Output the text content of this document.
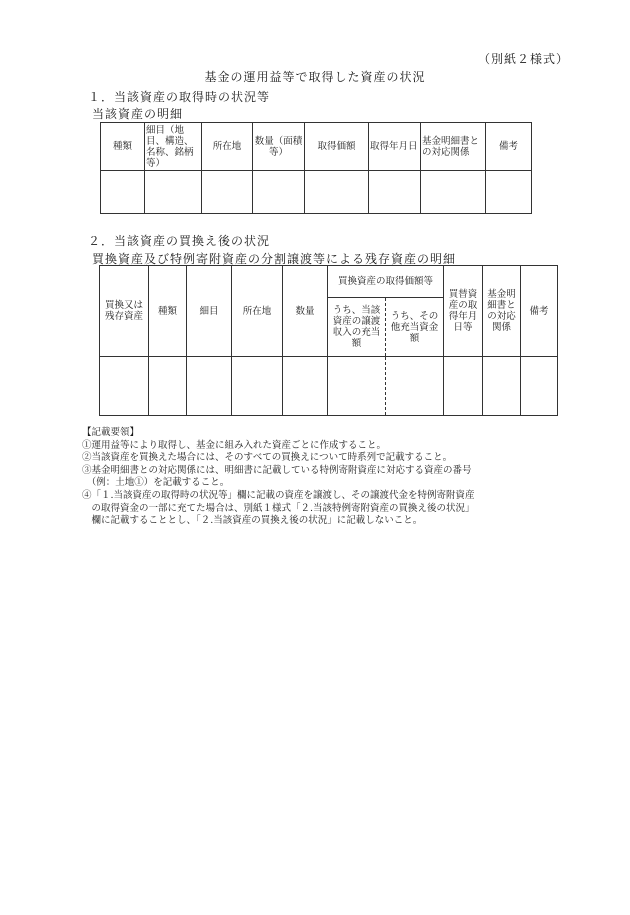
（別紙２様式）
基金の運用益等で取得した資産の状況
１．当該資産の取得時の状況等
当該資産の明細
種類	細目（地目、構造、名称、銘柄等）	所在地	数量（面積等）	取得価額	取得年月日	基金明細書との対応関係	備考

２．当該資産の買換え後の状況
買換資産及び特例寄附資産の分割譲渡等による残存資産の明細
買換又は残存資産	種類	細目	所在地	数量	買換資産の取得価額等		買替資産の取得年月日等	基金明細書との対応関係	備考

					うち、当該資産の譲渡収入の充当額	うち、その他充当資金額			

【記載要領】
①運用益等により取得し、基金に組み入れた資産ごとに作成すること。
②当該資産を買換えた場合には、そのすべての買換えについて時系列で記載すること。
③基金明細書との対応関係には、明細書に記載している特例寄附資産に対応する資産の番号
　（例：土地①）を記載すること。
④「１.当該資産の取得時の状況等」欄に記載の資産を譲渡し、その譲渡代金を特例寄附資産
　の取得資金の一部に充てた場合は、別紙１様式「２.当該特例寄附資産の買換え後の状況」
　欄に記載することとし、「２.当該資産の買換え後の状況」に記載しないこと。
